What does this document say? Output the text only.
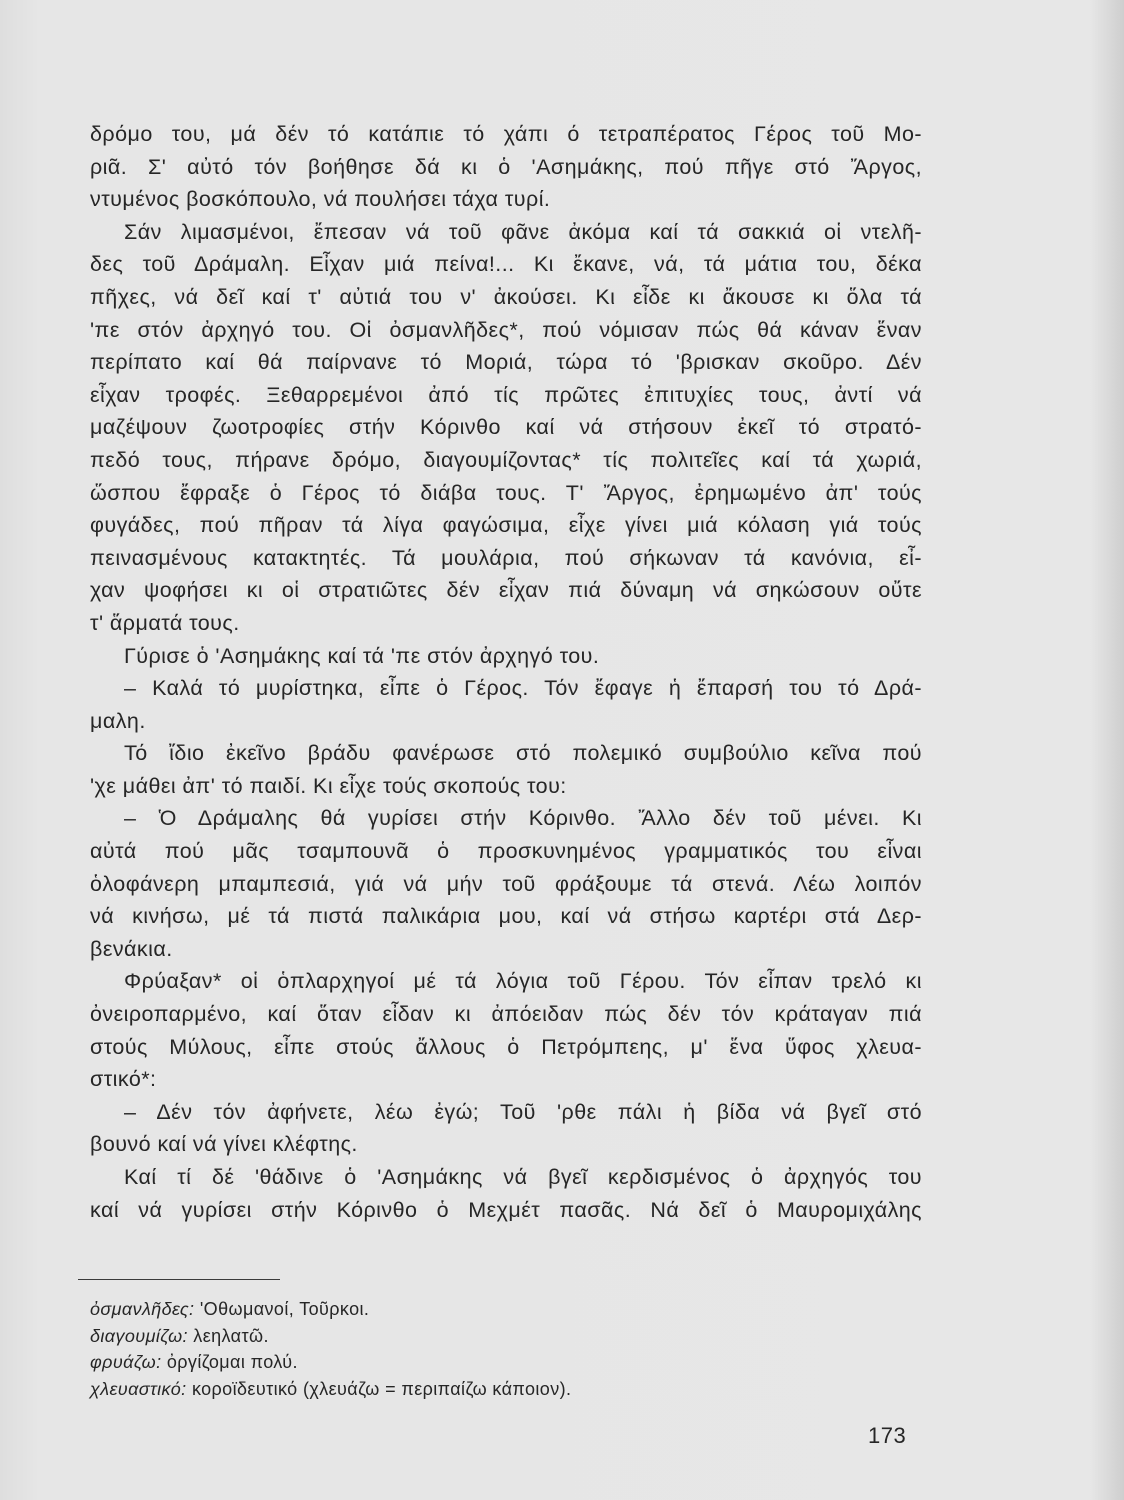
δρόμο του, μά δέν τό κατάπιε τό χάπι ό τετραπέρατος Γέρος τοῦ Μο-
ριᾶ. Σ' αὐτό τόν βοήθησε δά κι ὁ 'Ασημάκης, πού πῆγε στό Ἄργος,
ντυμένος βοσκόπουλο, νά πουλήσει τάχα τυρί.
Σάν λιμασμένοι, ἔπεσαν νά τοῦ φᾶνε ἀκόμα καί τά σακκιά οἱ ντελῆ-
δες τοῦ Δράμαλη. Εἶχαν μιά πείνα!... Κι ἔκανε, νά, τά μάτια του, δέκα
πῆχες, νά δεῖ καί τ' αὐτιά του ν' ἀκούσει. Κι εἶδε κι ἄκουσε κι ὅλα τά
'πε στόν ἀρχηγό του. Οἱ ὀσμανλῆδες*, πού νόμισαν πώς θά κάναν ἕναν
περίπατο καί θά παίρνανε τό Μοριά, τώρα τό 'βρισκαν σκοῦρο. Δέν
εἶχαν τροφές. Ξεθαρρεμένοι ἀπό τίς πρῶτες ἐπιτυχίες τους, ἀντί νά
μαζέψουν ζωοτροφίες στήν Κόρινθο καί νά στήσουν ἐκεῖ τό στρατό-
πεδό τους, πήρανε δρόμο, διαγουμίζοντας* τίς πολιτεῖες καί τά χωριά,
ὥσπου ἔφραξε ὁ Γέρος τό διάβα τους. Τ' Ἄργος, ἐρημωμένο ἀπ' τούς
φυγάδες, πού πῆραν τά λίγα φαγώσιμα, εἶχε γίνει μιά κόλαση γιά τούς
πεινασμένους κατακτητές. Τά μουλάρια, πού σήκωναν τά κανόνια, εἶ-
χαν ψοφήσει κι οἱ στρατιῶτες δέν εἶχαν πιά δύναμη νά σηκώσουν οὔτε
τ' ἅρματά τους.
Γύρισε ὁ 'Ασημάκης καί τά 'πε στόν ἀρχηγό του.
– Καλά τό μυρίστηκα, εἶπε ὁ Γέρος. Τόν ἔφαγε ἡ ἔπαρσή του τό Δρά-
μαλη.
Τό ἴδιο ἐκεῖνο βράδυ φανέρωσε στό πολεμικό συμβούλιο κεῖνα πού
'χε μάθει ἀπ' τό παιδί. Κι εἶχε τούς σκοπούς του:
– Ὁ Δράμαλης θά γυρίσει στήν Κόρινθο. Ἄλλο δέν τοῦ μένει. Κι
αὐτά πού μᾶς τσαμπουνᾶ ὁ προσκυνημένος γραμματικός του εἶναι
ὁλοφάνερη μπαμπεσιά, γιά νά μήν τοῦ φράξουμε τά στενά. Λέω λοιπόν
νά κινήσω, μέ τά πιστά παλικάρια μου, καί νά στήσω καρτέρι στά Δερ-
βενάκια.
Φρύαξαν* οἱ ὁπλαρχηγοί μέ τά λόγια τοῦ Γέρου. Τόν εἶπαν τρελό κι
ὀνειροπαρμένο, καί ὅταν εἶδαν κι ἀπόειδαν πώς δέν τόν κράταγαν πιά
στούς Μύλους, εἶπε στούς ἄλλους ὁ Πετρόμπεης, μ' ἕνα ὕφος χλευα-
στικό*:
– Δέν τόν ἀφήνετε, λέω ἐγώ; Τοῦ 'ρθε πάλι ἡ βίδα νά βγεῖ στό
βουνό καί νά γίνει κλέφτης.
Καί τί δέ 'θάδινε ὁ 'Ασημάκης νά βγεῖ κερδισμένος ὁ ἀρχηγός του
καί νά γυρίσει στήν Κόρινθο ὁ Μεχμέτ πασᾶς. Νά δεῖ ὁ Μαυρομιχάλης
ὀσμανλῆδες: 'Οθωμανοί, Τοῦρκοι.
διαγουμίζω: λεηλατῶ.
φρυάζω: ὀργίζομαι πολύ.
χλευαστικό: κοροϊδευτικό (χλευάζω = περιπαίζω κάποιον).
173
